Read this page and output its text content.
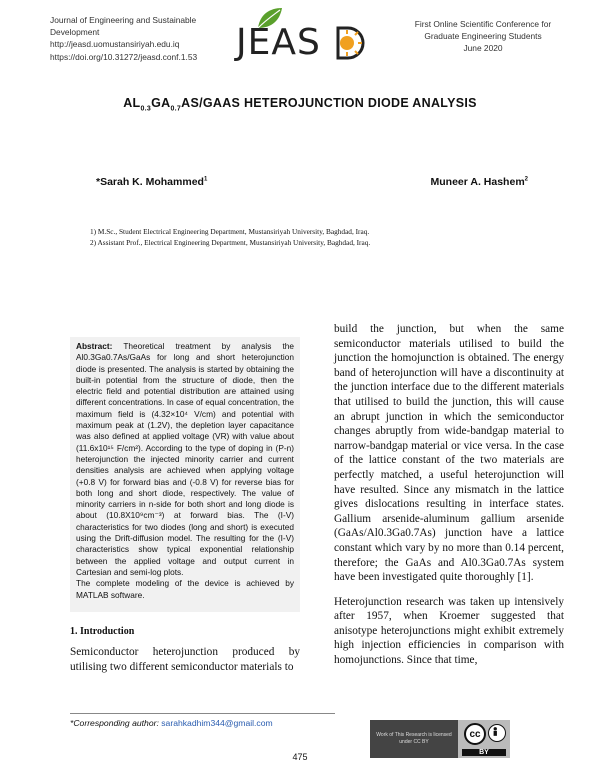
Journal of Engineering and Sustainable
Development
http://jeasd.uomustansiriyah.edu.iq
https://doi.org/10.31272/jeasd.conf.1.53	JEAS	First Online Scientific Conference for
Graduate Engineering Students
June 2020
$AL_{0.3}GA_{0.7}AS$/GAAS HETEROJUNCTION DIODE ANALYSIS
*Sarah K. Mohammed$^1$	Muneer A. Hashem$^2$
1) M.Sc., Student Electrical Engineering Department, Mustansiriyah University, Baghdad, Iraq.
2) Assistant Prof., Electrical Engineering Department, Mustansiriyah University, Baghdad, Iraq.
Abstract: Theoretical treatment by analysis the Al0.3Ga0.7As/GaAs for long and short heterojunction diode is presented. The analysis is started by obtaining the built-in potential from the structure of diode, then the electric field and potential distribution are attained using different concentrations. In case of equal concentration, the maximum field is (4.32×10⁴ V/cm) and potential with maximum peak at (1.2V), the depletion layer capacitance was also defined at applied voltage (VR) with value about (11.6x10¹⁵ F/cm²). According to the type of doping in (P-n) heterojunction the injected minority carrier and current densities analysis are achieved when applying voltage (+0.8 V) for forward bias and (-0.8 V) for reverse bias for both long and short diode, respectively. The value of minority carriers in n-side for both short and long diode is about (10.8X10⁹cm⁻³) at forward bias. The (I-V) characteristics for two diodes (long and short) is executed using the Drift-diffusion model. The resulting for the (I-V) characteristics show typical exponential relationship between the applied voltage and output current in Cartesian and semi-log plots.
The complete modeling of the device is achieved by MATLAB software.
1. Introduction
Semiconductor heterojunction produced by utilising two different semiconductor materials to

build the junction, but when the same semiconductor materials utilised to build the junction the homojunction is obtained. The energy band of heterojunction will have a discontinuity at the junction interface due to the different materials that utilised to build the junction, this will cause an abrupt junction in which the semiconductor changes abruptly from wide-bandgap material to narrow-bandgap material or vice versa. In the case of the lattice constant of the two materials are perfectly matched, a useful heterojunction will have resulted. Since any mismatch in the lattice gives dislocations resulting in interface states. Gallium arsenide-aluminum gallium arsenide (GaAs/Al0.3Ga0.7As) junction have a lattice constant which vary by no more than 0.14 percent, therefore; the GaAs and Al0.3Ga0.7As system have been investigated quite thoroughly [1].

Heterojunction research was taken up intensively after 1957, when Kroemer suggested that anisotype heterojunctions might exhibit extremely high injection efficiencies in comparison with homojunctions. Since that time,

*Corresponding author: sarahkadhim344@gmail.com
Work of This Research is licensed under CC BY
cc
BY
475
